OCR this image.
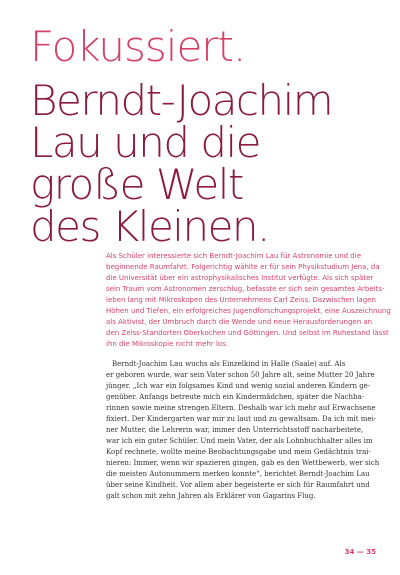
Fokussiert.
Berndt-Joachim
Lau und die
große Welt
des Kleinen.
Als Schüler interessierte sich Berndt-Joachim Lau für Astronomie und die
beginnende Raumfahrt. Folgerichtig wählte er für sein Physikstudium Jena, da
die Universität über ein astrophysikalisches Institut verfügte. Als sich später
sein Traum vom Astronomen zerschlug, befasste er sich sein gesamtes Arbeits-
leben lang mit Mikroskopen des Unternehmens Carl Zeiss. Dazwischen lagen
Höhen und Tiefen, ein erfolgreiches Jugendforschungsprojekt, eine Auszeichnung
als Aktivist, der Umbruch durch die Wende und neue Herausforderungen an
den Zeiss-Standorten Oberkochen und Göttingen. Und selbst im Ruhestand lässt
ihn die Mikroskopie nicht mehr los.
Berndt-Joachim Lau wuchs als Einzelkind in Halle (Saale) auf. Als
er geboren wurde, war sein Vater schon 50 Jahre alt, seine Mutter 20 Jahre
jünger. „Ich war ein folgsames Kind und wenig sozial anderen Kindern ge-
genüber. Anfangs betreute mich ein Kindermädchen, später die Nachba-
rinnen sowie meine strengen Eltern. Deshalb war ich mehr auf Erwachsene
fixiert. Der Kindergarten war mir zu laut und zu gewaltsam. Da ich mit mei-
ner Mutter, die Lehrerin war, immer den Unterrichtsstoff nacharbeitete,
war ich ein guter Schüler. Und mein Vater, der als Lohnbuchhalter alles im
Kopf rechnete, wollte meine Beobachtungsgabe und mein Gedächtnis trai-
nieren: Immer, wenn wir spazieren gingen, gab es den Wettbewerb, wer sich
die meisten Autonummern merken konnte“, berichtet Berndt-Joachim Lau
über seine Kindheit. Vor allem aber begeisterte er sich für Raumfahrt und
galt schon mit zehn Jahren als Erklärer von Gagarins Flug.
34 — 35
